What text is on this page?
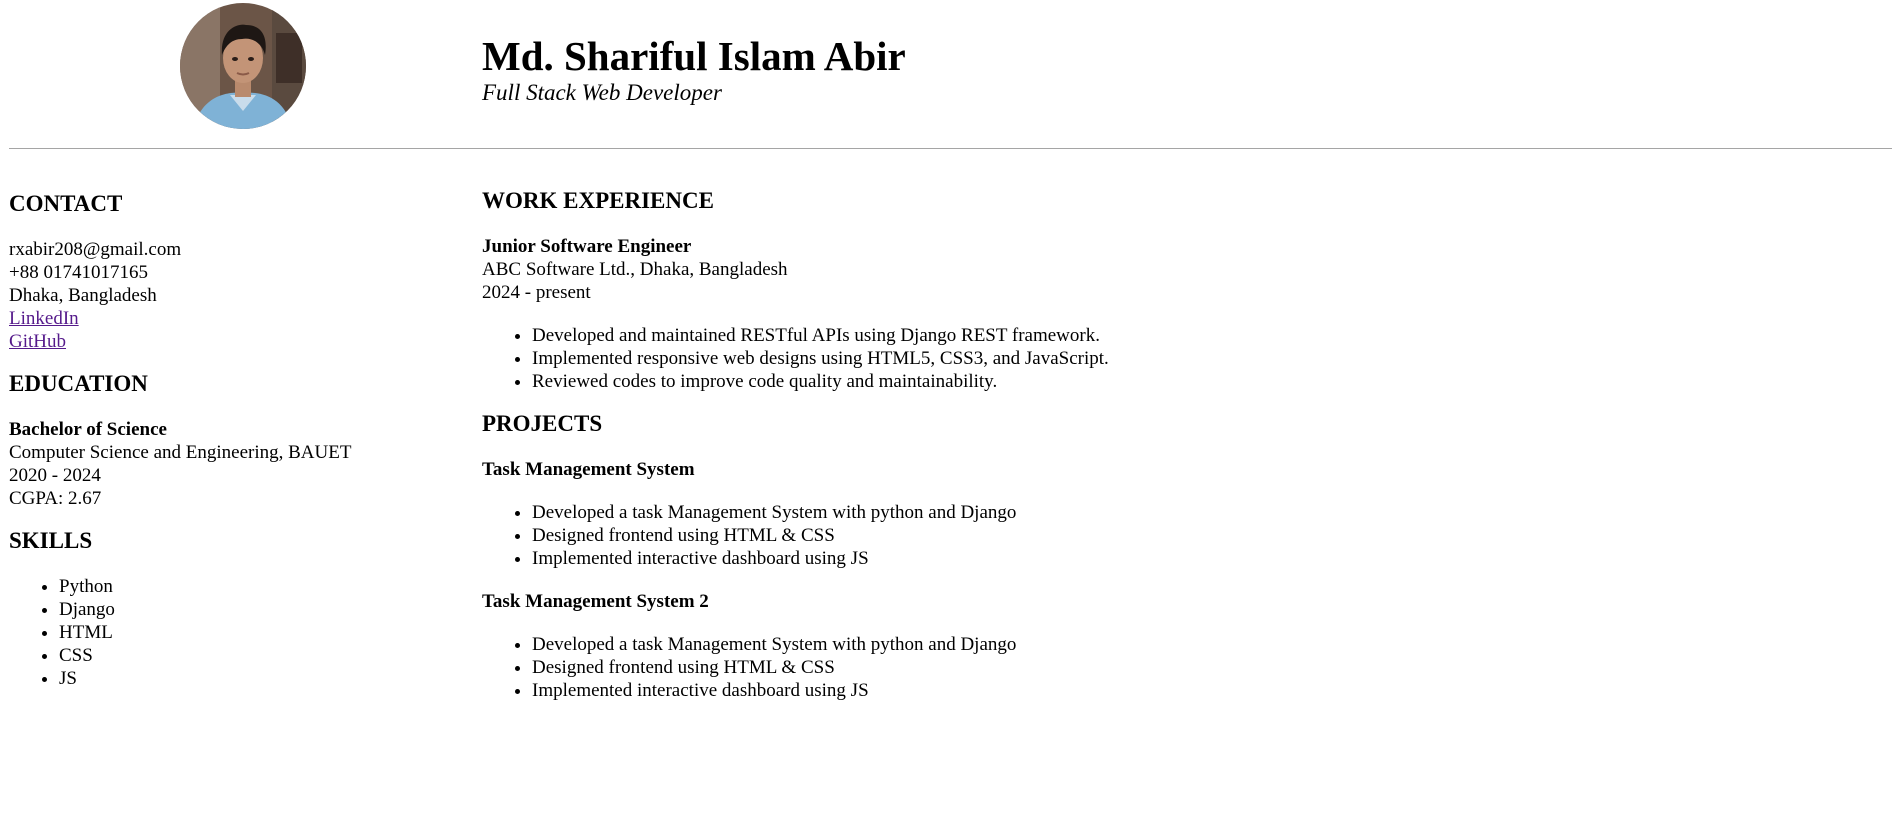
Md. Shariful Islam Abir
Full Stack Web Developer
CONTACT
rxabir208@gmail.com
+88 01741017165
Dhaka, Bangladesh
LinkedIn
GitHub
EDUCATION
Bachelor of Science
Computer Science and Engineering, BAUET
2020 - 2024
CGPA: 2.67
SKILLS
• Python
• Django
• HTML
• CSS
• JS
WORK EXPERIENCE
Junior Software Engineer
ABC Software Ltd., Dhaka, Bangladesh
2024 - present
• Developed and maintained RESTful APIs using Django REST framework.
• Implemented responsive web designs using HTML5, CSS3, and JavaScript.
• Reviewed codes to improve code quality and maintainability.
PROJECTS
Task Management System
• Developed a task Management System with python and Django
• Designed frontend using HTML & CSS
• Implemented interactive dashboard using JS
Task Management System 2
• Developed a task Management System with python and Django
• Designed frontend using HTML & CSS
• Implemented interactive dashboard using JS
